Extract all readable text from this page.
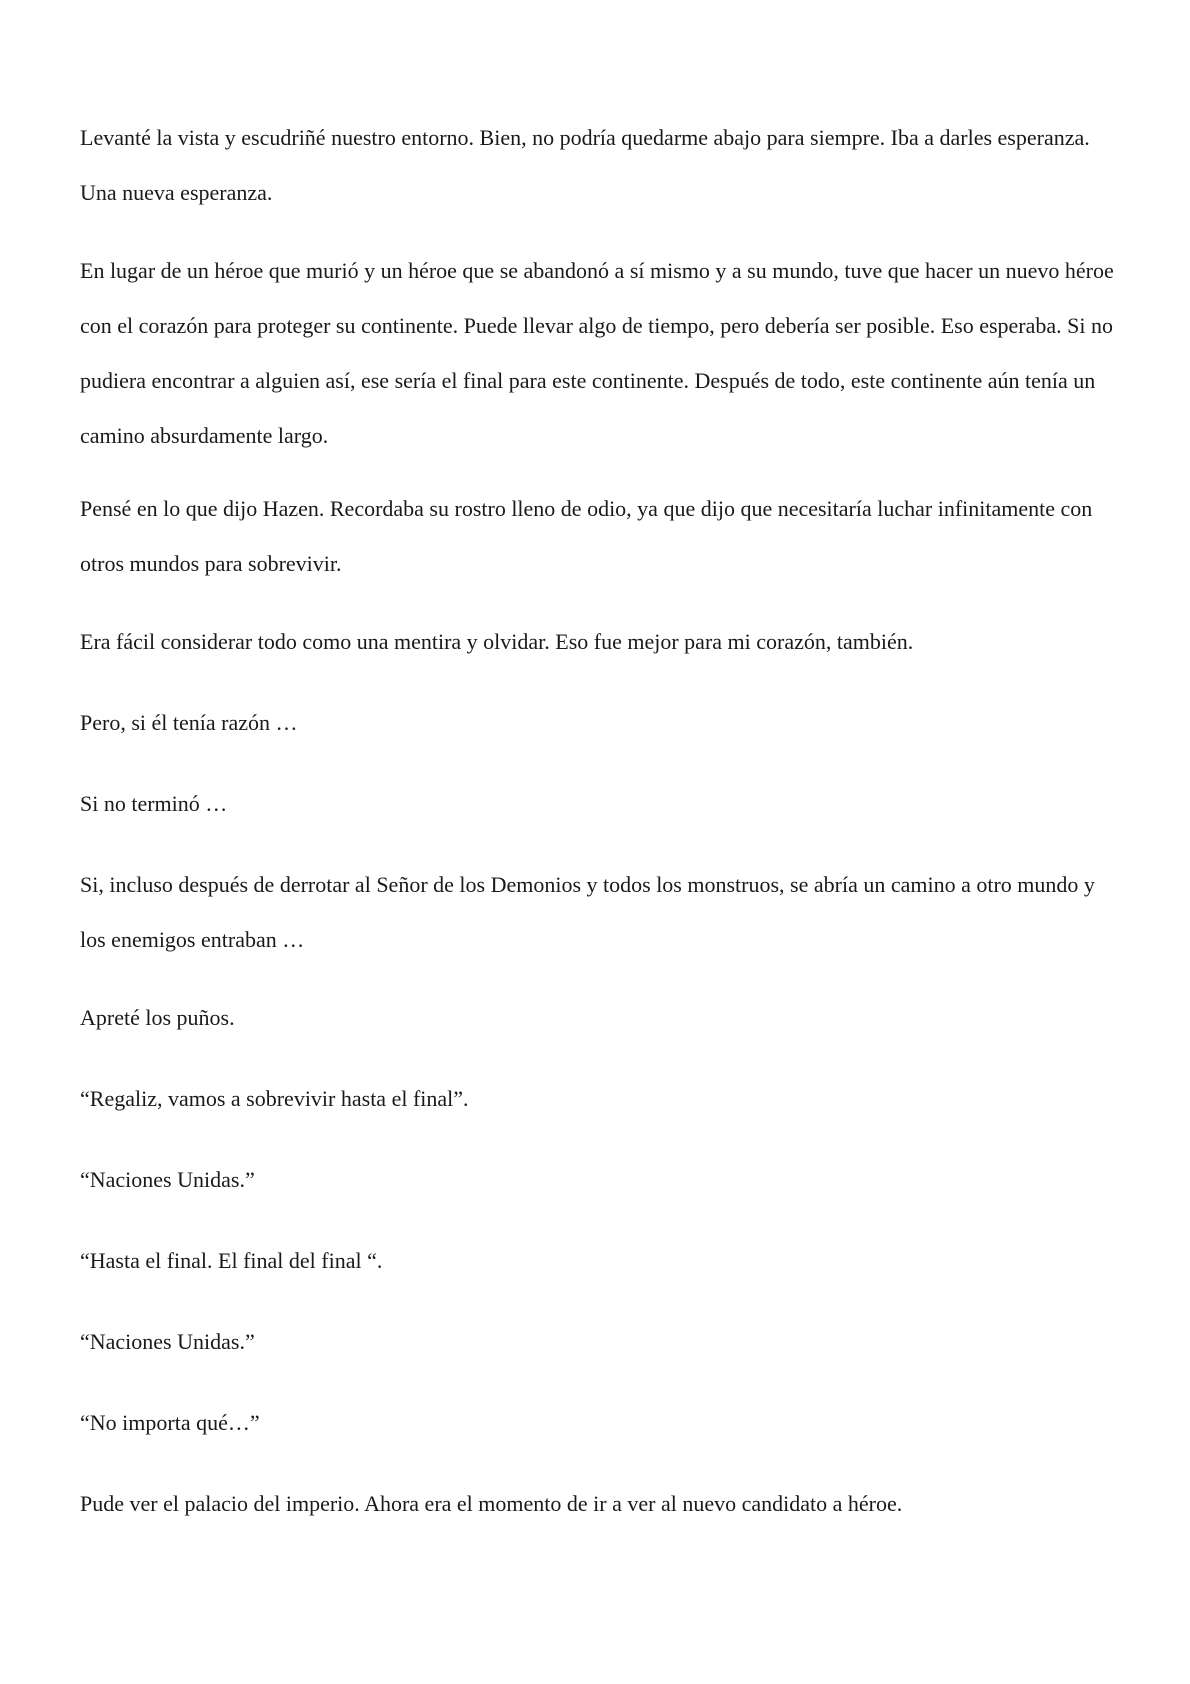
Levanté la vista y escudriñé nuestro entorno. Bien, no podría quedarme abajo para siempre. Iba a darles esperanza. Una nueva esperanza.

En lugar de un héroe que murió y un héroe que se abandonó a sí mismo y a su mundo, tuve que hacer un nuevo héroe con el corazón para proteger su continente. Puede llevar algo de tiempo, pero debería ser posible. Eso esperaba. Si no pudiera encontrar a alguien así, ese sería el final para este continente. Después de todo, este continente aún tenía un camino absurdamente largo.

Pensé en lo que dijo Hazen. Recordaba su rostro lleno de odio, ya que dijo que necesitaría luchar infinitamente con otros mundos para sobrevivir.

Era fácil considerar todo como una mentira y olvidar. Eso fue mejor para mi corazón, también.

Pero, si él tenía razón …

Si no terminó …

Si, incluso después de derrotar al Señor de los Demonios y todos los monstruos, se abría un camino a otro mundo y los enemigos entraban …

Apreté los puños.

“Regaliz, vamos a sobrevivir hasta el final”.

“Naciones Unidas.”

“Hasta el final. El final del final “.

“Naciones Unidas.”

“No importa qué…”

Pude ver el palacio del imperio. Ahora era el momento de ir a ver al nuevo candidato a héroe.
